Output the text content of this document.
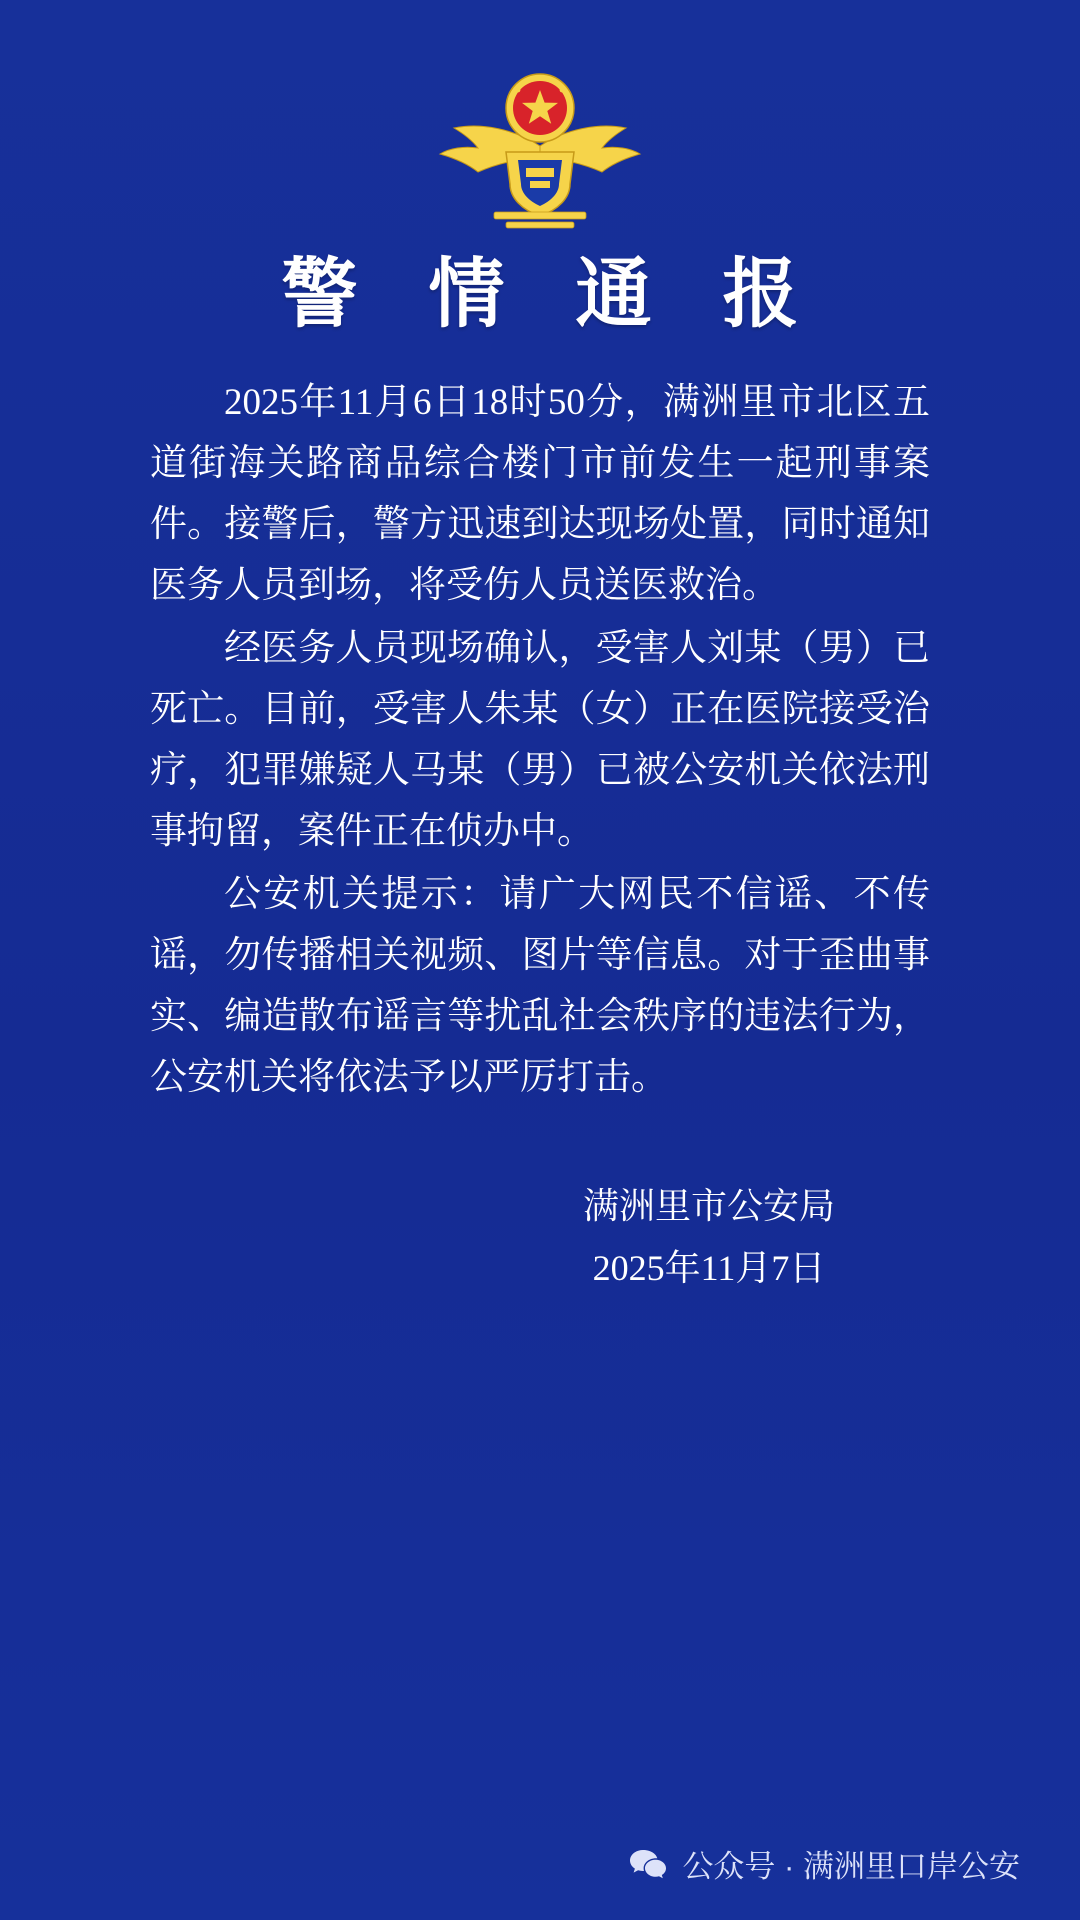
警 情 通 报

2025年11月6日18时50分，满洲里市北区五道街海关路商品综合楼门市前发生一起刑事案件。接警后，警方迅速到达现场处置，同时通知医务人员到场，将受伤人员送医救治。

经医务人员现场确认，受害人刘某（男）已死亡。目前，受害人朱某（女）正在医院接受治疗，犯罪嫌疑人马某（男）已被公安机关依法刑事拘留，案件正在侦办中。

公安机关提示：请广大网民不信谣、不传谣，勿传播相关视频、图片等信息。对于歪曲事实、编造散布谣言等扰乱社会秩序的违法行为，公安机关将依法予以严厉打击。

满洲里市公安局
2025年11月7日
公众号 · 满洲里口岸公安
